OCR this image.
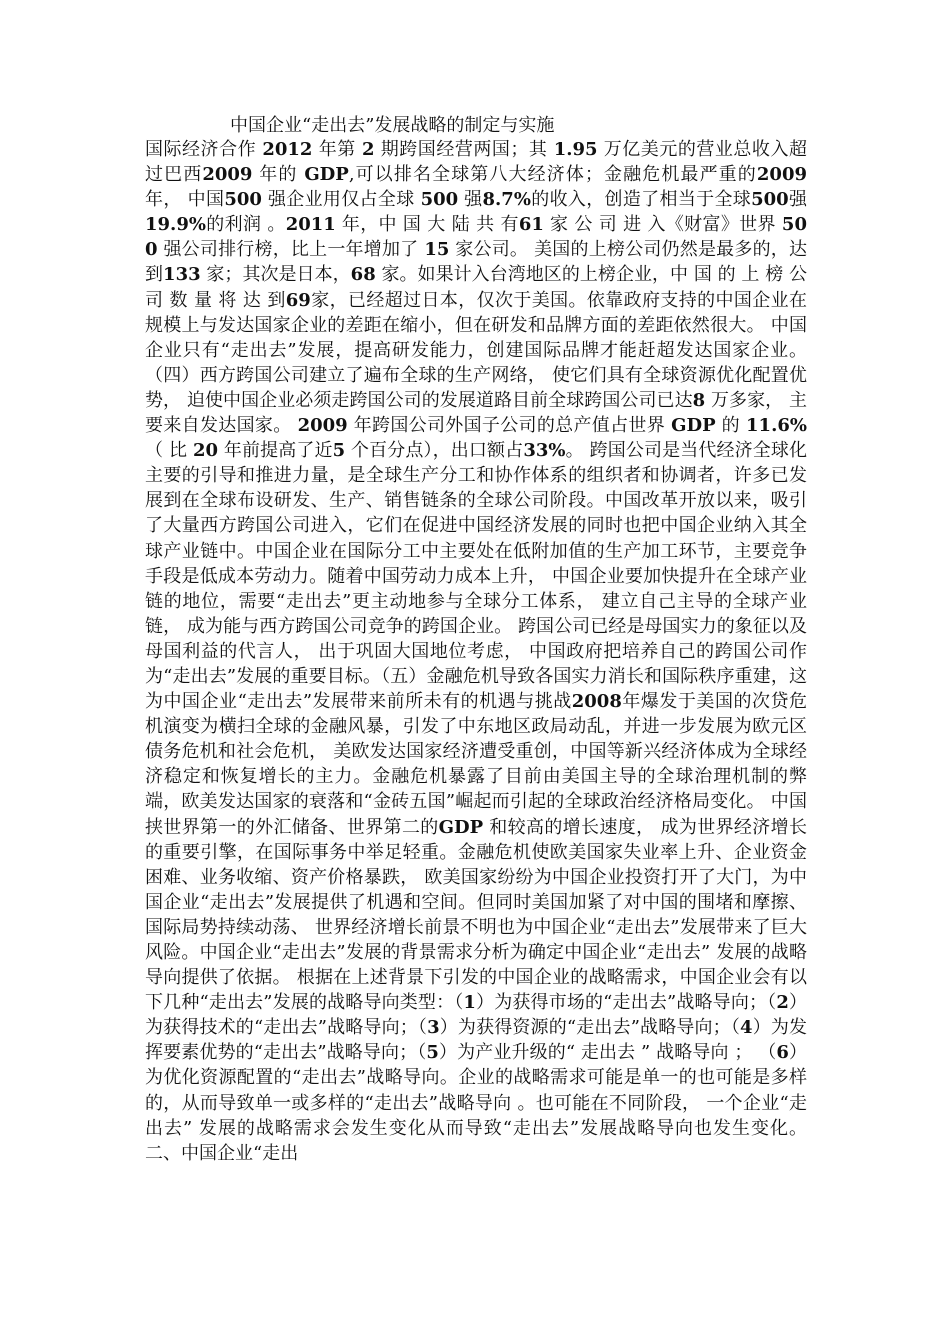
中国企业“走出去”发展战略的制定与实施

国际经济合作 2012 年第 2 期跨国经营两国；其 1.95 万亿美元的营业总收入超过巴西2009 年的 GDP,可以排名全球第八大经济体；金融危机最严重的2009年， 中国500 强企业用仅占全球 500 强8.7%的收入，创造了相当于全球500强 19.9%的利润 。2011 年，中 国 大 陆 共 有61 家 公 司 进 入《财富》世界 500 强公司排行榜，比上一年增加了 15 家公司。 美国的上榜公司仍然是最多的，达到133 家；其次是日本，68 家。如果计入台湾地区的上榜企业，中 国 的 上 榜 公 司 数 量 将 达 到69家，已经超过日本，仅次于美国。依靠政府支持的中国企业在规模上与发达国家企业的差距在缩小，但在研发和品牌方面的差距依然很大。 中国企业只有“走出去”发展，提高研发能力，创建国际品牌才能赶超发达国家企业。（四）西方跨国公司建立了遍布全球的生产网络， 使它们具有全球资源优化配置优势， 迫使中国企业必须走跨国公司的发展道路目前全球跨国公司已达8 万多家， 主要来自发达国家。 2009 年跨国公司外国子公司的总产值占世界 GDP 的 11.6% （ 比 20 年前提高了近5 个百分点），出口额占33%。 跨国公司是当代经济全球化主要的引导和推进力量，是全球生产分工和协作体系的组织者和协调者，许多已发展到在全球布设研发、生产、销售链条的全球公司阶段。中国改革开放以来，吸引了大量西方跨国公司进入，它们在促进中国经济发展的同时也把中国企业纳入其全球产业链中。中国企业在国际分工中主要处在低附加值的生产加工环节，主要竞争手段是低成本劳动力。随着中国劳动力成本上升， 中国企业要加快提升在全球产业链的地位，需要“走出去”更主动地参与全球分工体系， 建立自己主导的全球产业链， 成为能与西方跨国公司竞争的跨国企业。 跨国公司已经是母国实力的象征以及母国利益的代言人， 出于巩固大国地位考虑， 中国政府把培养自己的跨国公司作为“走出去”发展的重要目标。（五）金融危机导致各国实力消长和国际秩序重建，这为中国企业“走出去”发展带来前所未有的机遇与挑战2008年爆发于美国的次贷危机演变为横扫全球的金融风暴，引发了中东地区政局动乱，并进一步发展为欧元区债务危机和社会危机， 美欧发达国家经济遭受重创，中国等新兴经济体成为全球经济稳定和恢复增长的主力。金融危机暴露了目前由美国主导的全球治理机制的弊端，欧美发达国家的衰落和“金砖五国”崛起而引起的全球政治经济格局变化。 中国挟世界第一的外汇储备、世界第二的GDP 和较高的增长速度， 成为世界经济增长的重要引擎，在国际事务中举足轻重。金融危机使欧美国家失业率上升、企业资金困难、业务收缩、资产价格暴跌， 欧美国家纷纷为中国企业投资打开了大门，为中国企业“走出去”发展提供了机遇和空间。但同时美国加紧了对中国的围堵和摩擦、 国际局势持续动荡、 世界经济增长前景不明也为中国企业“走出去”发展带来了巨大风险。中国企业“走出去”发展的背景需求分析为确定中国企业“走出去” 发展的战略导向提供了依据。 根据在上述背景下引发的中国企业的战略需求，中国企业会有以下几种“走出去”发展的战略导向类型：（1）为获得市场的“走出去”战略导向；（2）为获得技术的“走出去”战略导向；（3）为获得资源的“走出去”战略导向；（4）为发挥要素优势的“走出去”战略导向；（5）为产业升级的“ 走出去 ” 战略导向 ； （6） 为优化资源配置的“走出去”战略导向。企业的战略需求可能是单一的也可能是多样的，从而导致单一或多样的“走出去”战略导向 。也可能在不同阶段， 一个企业“走出去” 发展的战略需求会发生变化从而导致“走出去”发展战略导向也发生变化。二、中国企业“走出
